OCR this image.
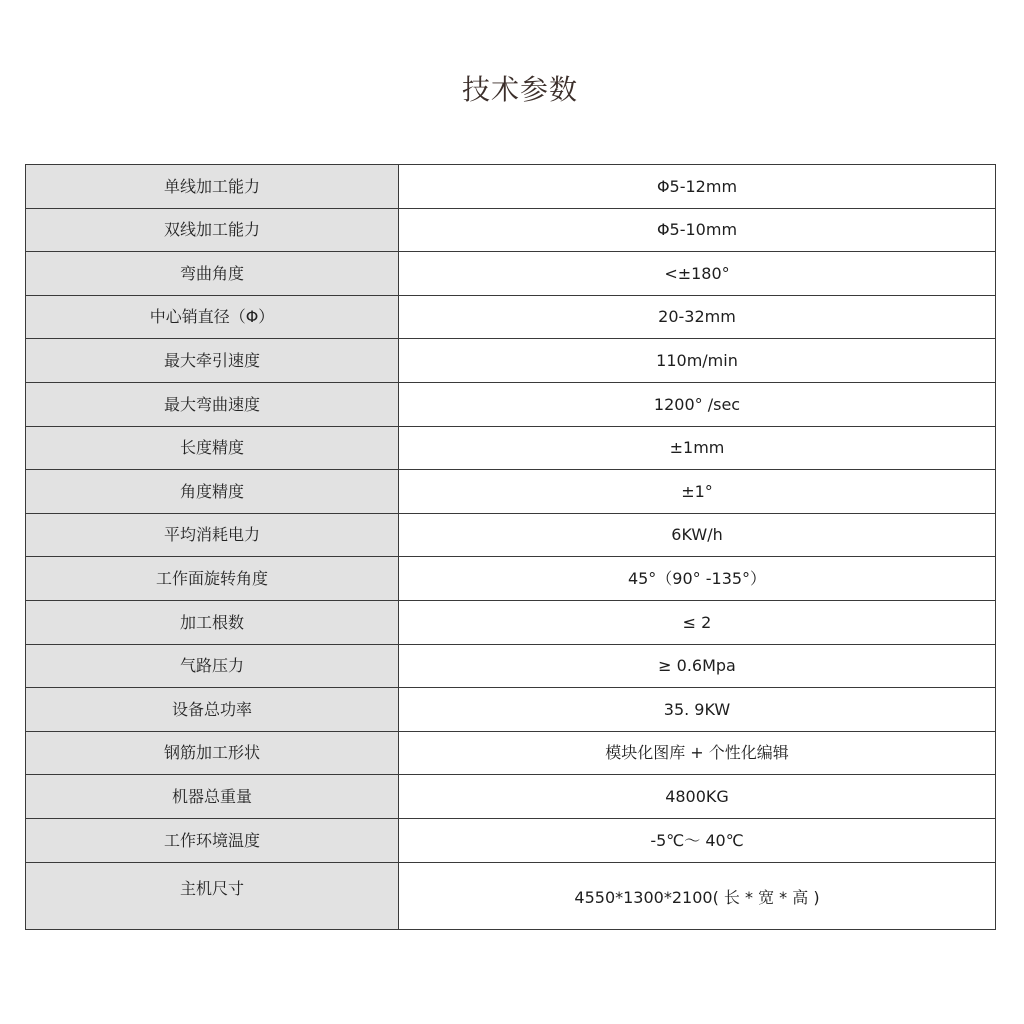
技术参数
单线加工能力	Φ5-12mm
双线加工能力	Φ5-10mm
弯曲角度	<±180°
中心销直径（Φ）	20-32mm
最大牵引速度	110m/min
最大弯曲速度	1200° /sec
长度精度	±1mm
角度精度	±1°
平均消耗电力	6KW/h
工作面旋转角度	45°（90° -135°）
加工根数	≤ 2
气路压力	≥ 0.6Mpa
设备总功率	35. 9KW
钢筋加工形状	模块化图库 + 个性化编辑
机器总重量	4800KG
工作环境温度	-5℃～ 40℃
主机尺寸	4550*1300*2100( 长 * 宽 * 高 )
